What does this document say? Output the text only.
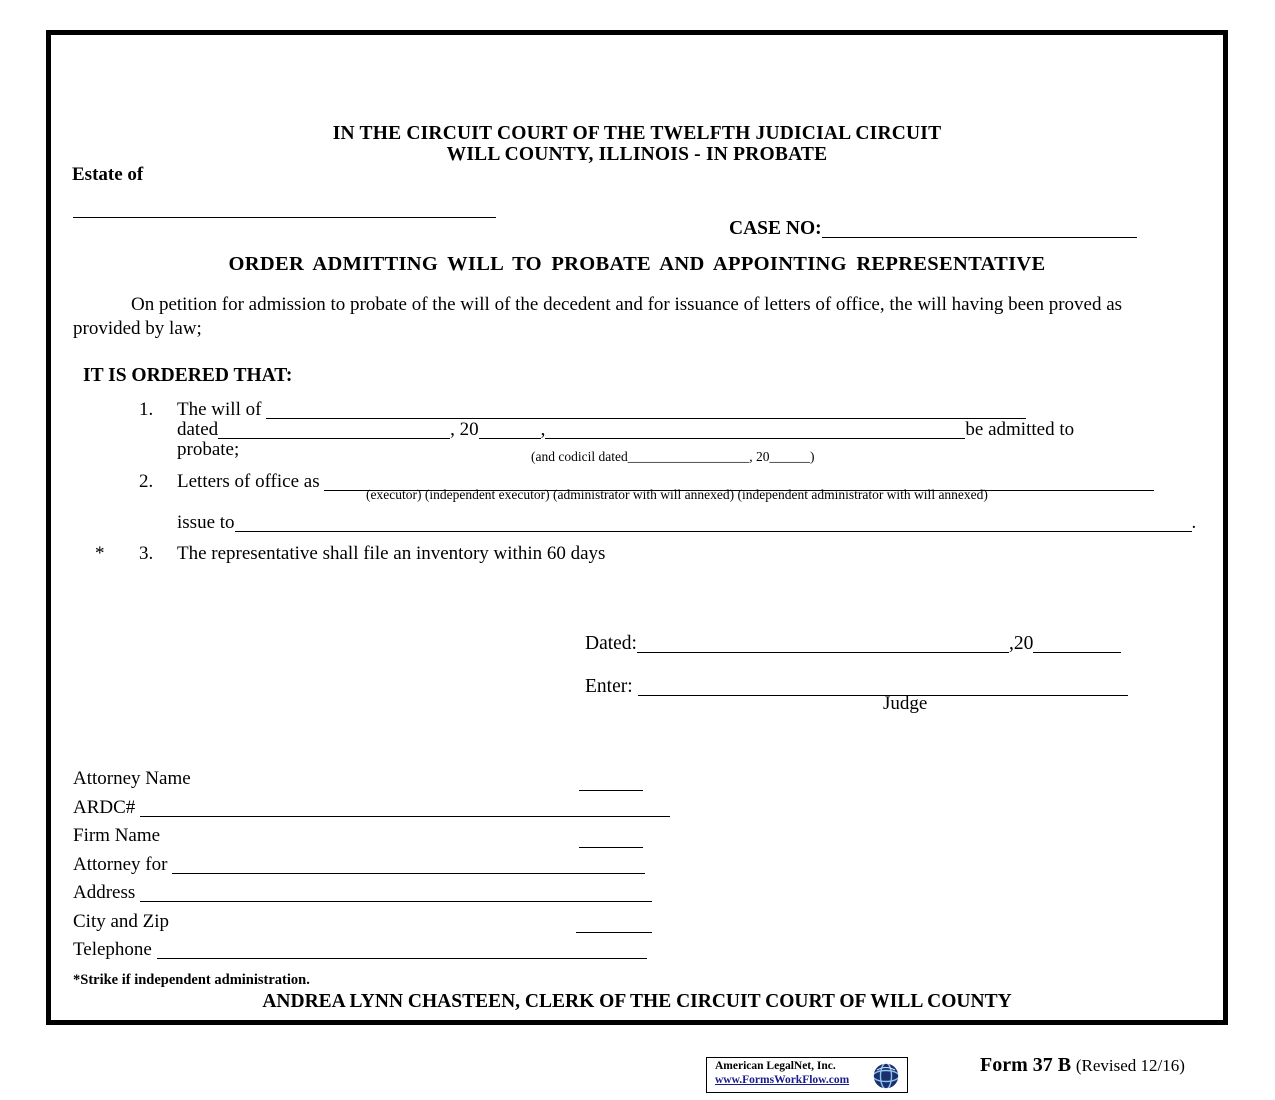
IN THE CIRCUIT COURT OF THE TWELFTH JUDICIAL CIRCUIT
WILL COUNTY, ILLINOIS - IN PROBATE
Estate of
CASE NO:
ORDER ADMITTING WILL TO PROBATE AND APPOINTING REPRESENTATIVE
On petition for admission to probate of the will of the decedent and for issuance of letters of office, the will having been proved as provided by law;
IT IS ORDERED THAT:
1. The will of
dated	, 20	,	be admitted to
probate;	(and codicil dated__________________, 20______)
2. Letters of office as
(executor) (independent executor) (administrator with will annexed) (independent administrator with will annexed)
issue to	.
* 3. The representative shall file an inventory within 60 days
Dated:	,20
Enter:
Judge
Attorney Name
ARDC#
Firm Name
Attorney for
Address
City and Zip
Telephone
*Strike if independent administration.
ANDREA LYNN CHASTEEN, CLERK OF THE CIRCUIT COURT OF WILL COUNTY
American LegalNet, Inc.
www.FormsWorkFlow.com
Form 37 B (Revised 12/16)
